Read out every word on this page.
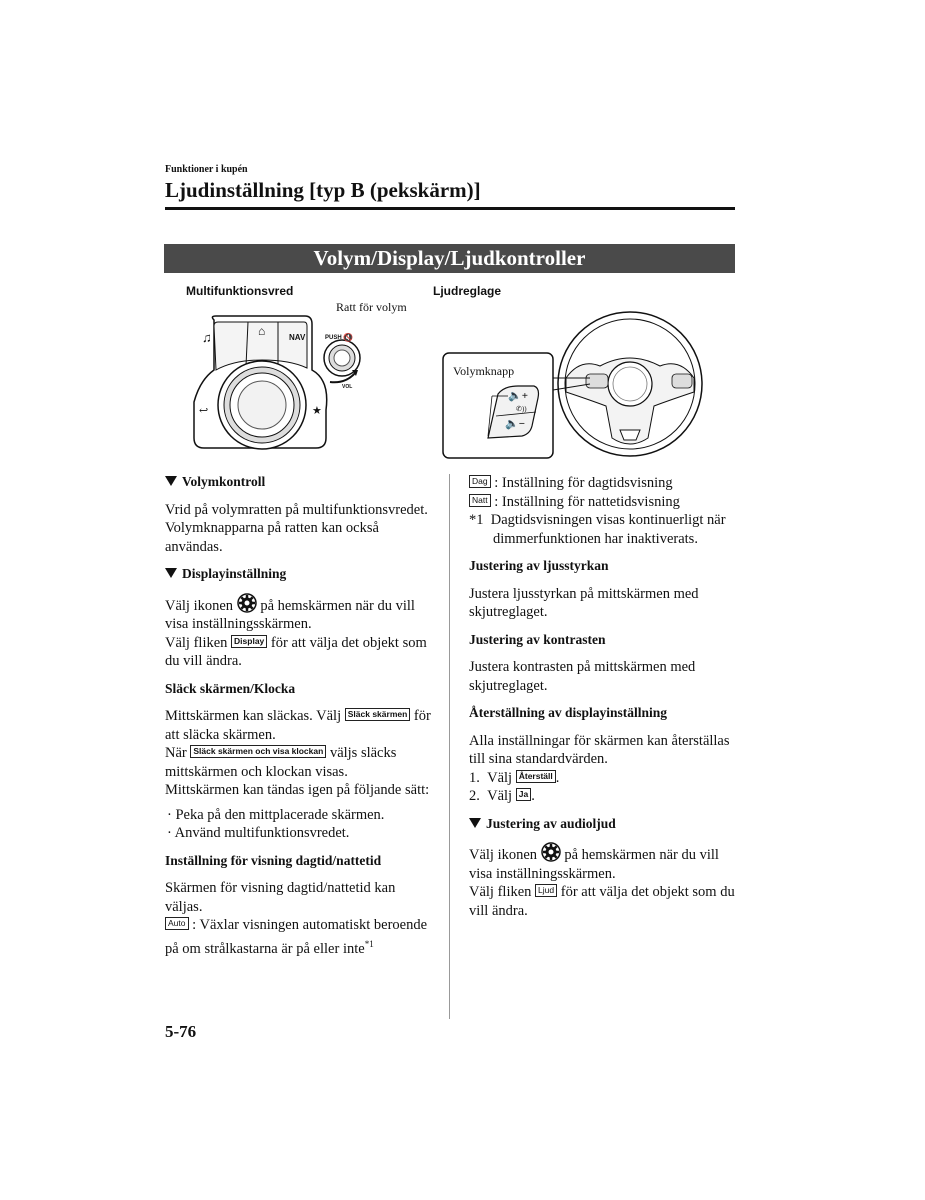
Funktioner i kupén
Ljudinställning [typ B (pekskärm)]
Volym/Display/Ljudkontroller
Multifunktionsvred	Ljudreglage
Ratt för volym
Volymknapp
♫	⌂	NAV
↩	★
PUSH 🔇
VOL
🔈+
✆))
🔈−

Volymkontroll

Vrid på volymratten på multifunktionsvredet. Volymknapparna på ratten kan också användas.

Displayinställning

Välj ikonen på hemskärmen när du vill visa inställningsskärmen.

Välj fliken Display för att välja det objekt som du vill ändra.

Släck skärmen/Klocka

Mittskärmen kan släckas. Välj Släck skärmen för att släcka skärmen.

När Släck skärmen och visa klockan väljs släcks mittskärmen och klockan visas.

Mittskärmen kan tändas igen på följande sätt:

· Peka på den mittplacerade skärmen.
· Använd multifunktionsvredet.

Inställning för visning dagtid/nattetid

Skärmen för visning dagtid/nattetid kan väljas.

Auto : Växlar visningen automatiskt beroende på om strålkastarna är på eller inte$^{*1}$

Dag : Inställning för dagtidsvisning

Natt : Inställning för nattetidsvisning

*1 Dagtidsvisningen visas kontinuerligt när dimmerfunktionen har inaktiverats.

Justering av ljusstyrkan

Justera ljusstyrkan på mittskärmen med skjutreglaget.

Justering av kontrasten

Justera kontrasten på mittskärmen med skjutreglaget.

Återställning av displayinställning

Alla inställningar för skärmen kan återställas till sina standardvärden.

1. Välj Återställ .

2. Välj Ja .

Justering av audioljud

Välj ikonen på hemskärmen när du vill visa inställningsskärmen.

Välj fliken Ljud för att välja det objekt som du vill ändra.

5-76
